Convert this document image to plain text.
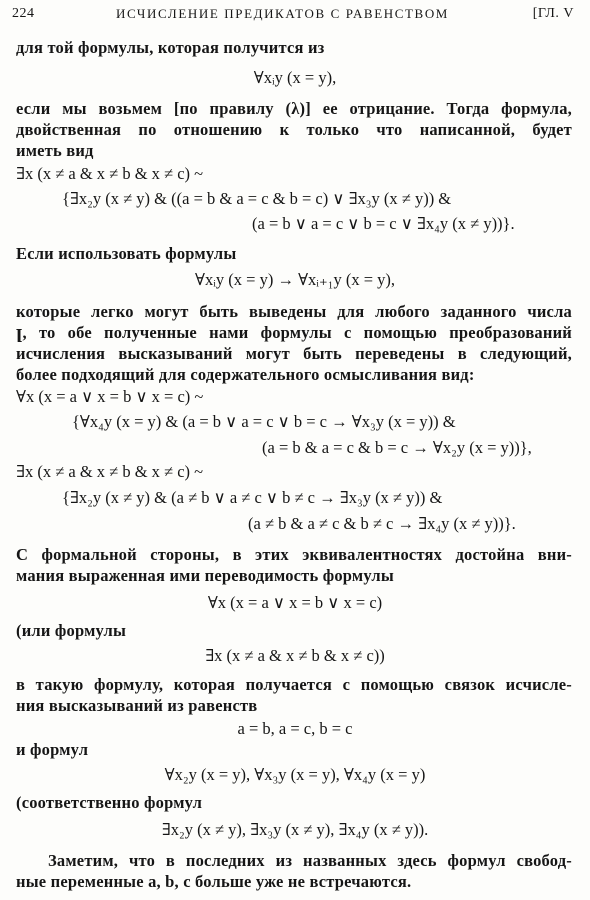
224	ИСЧИСЛЕНИЕ ПРЕДИКАТОВ С РАВЕНСТВОМ	[ГЛ. V
для той формулы, которая получится из
∀xᵢy (x = y),
если мы возьмем [по правилу (λ)] ее отрицание. Тогда формула,
двойственная по отношению к только что написанной, будет
иметь вид
∃x (x ≠ a & x ≠ b & x ≠ c) ~
{∃x₂y (x ≠ y) & ((a = b & a = c & b = c) ∨ ∃x₃y (x ≠ y)) &
(a = b ∨ a = c ∨ b = c ∨ ∃x₄y (x ≠ y))}.
Если использовать формулы
∀xᵢy (x = y) → ∀xᵢ₊₁y (x = y),
которые легко могут быть выведены для любого заданного числа
ꞁ, то обе полученные нами формулы с помощью преобразований
исчисления высказываний могут быть переведены в следующий,
более подходящий для содержательного осмысливания вид:
∀x (x = a ∨ x = b ∨ x = c) ~
{∀x₄y (x = y) & (a = b ∨ a = c ∨ b = c → ∀x₃y (x = y)) &
(a = b & a = c & b = c → ∀x₂y (x = y))},
∃x (x ≠ a & x ≠ b & x ≠ c) ~
{∃x₂y (x ≠ y) & (a ≠ b ∨ a ≠ c ∨ b ≠ c → ∃x₃y (x ≠ y)) &
(a ≠ b & a ≠ c & b ≠ c → ∃x₄y (x ≠ y))}.
С формальной стороны, в этих эквивалентностях достойна вни-
мания выраженная ими переводимость формулы
∀x (x = a ∨ x = b ∨ x = c)
(или формулы
∃x (x ≠ a & x ≠ b & x ≠ c))
в такую формулу, которая получается с помощью связок исчисле-
ния высказываний из равенств
a = b, a = c, b = c
и формул
∀x₂y (x = y), ∀x₃y (x = y), ∀x₄y (x = y)
(соответственно формул
∃x₂y (x ≠ y), ∃x₃y (x ≠ y), ∃x₄y (x ≠ y)).
Заметим, что в последних из названных здесь формул свобод-
ные переменные a, b, c больше уже не встречаются.
